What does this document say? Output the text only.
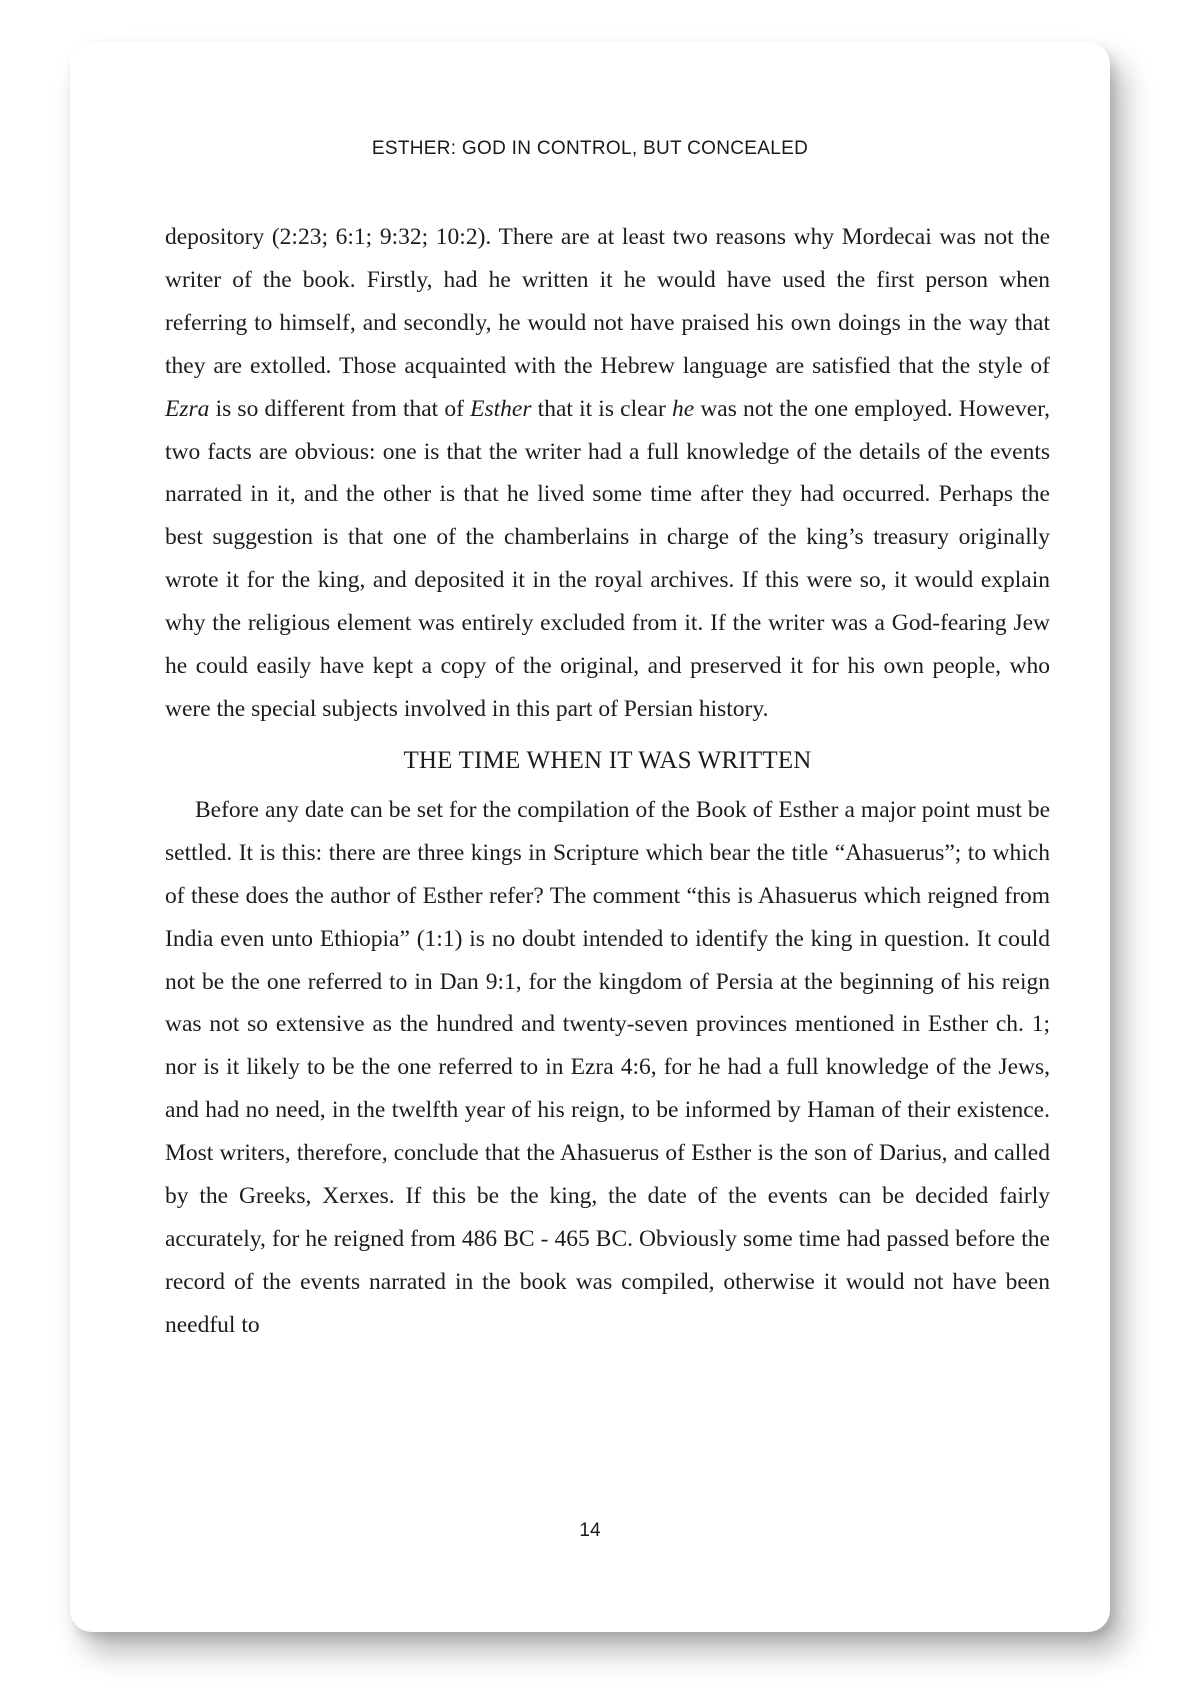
ESTHER: GOD IN CONTROL, BUT CONCEALED

depository (2:23; 6:1; 9:32; 10:2). There are at least two reasons why Mordecai was not the writer of the book. Firstly, had he written it he would have used the first person when referring to himself, and secondly, he would not have praised his own doings in the way that they are extolled. Those acquainted with the Hebrew language are satisfied that the style of Ezra is so different from that of Esther that it is clear he was not the one employed. However, two facts are obvious: one is that the writer had a full knowledge of the details of the events narrated in it, and the other is that he lived some time after they had occurred. Perhaps the best suggestion is that one of the chamberlains in charge of the king’s treasury originally wrote it for the king, and deposited it in the royal archives. If this were so, it would explain why the religious element was entirely excluded from it. If the writer was a God-fearing Jew he could easily have kept a copy of the original, and preserved it for his own people, who were the special subjects involved in this part of Persian history.

THE TIME WHEN IT WAS WRITTEN

Before any date can be set for the compilation of the Book of Esther a major point must be settled. It is this: there are three kings in Scripture which bear the title “Ahasuerus”; to which of these does the author of Esther refer? The comment “this is Ahasuerus which reigned from India even unto Ethiopia” (1:1) is no doubt intended to identify the king in question. It could not be the one referred to in Dan 9:1, for the kingdom of Persia at the beginning of his reign was not so extensive as the hundred and twenty-seven provinces mentioned in Esther ch. 1; nor is it likely to be the one referred to in Ezra 4:6, for he had a full knowledge of the Jews, and had no need, in the twelfth year of his reign, to be informed by Haman of their existence. Most writers, therefore, conclude that the Ahasuerus of Esther is the son of Darius, and called by the Greeks, Xerxes. If this be the king, the date of the events can be decided fairly accurately, for he reigned from 486 BC - 465 BC. Obviously some time had passed before the record of the events narrated in the book was compiled, otherwise it would not have been needful to

14
